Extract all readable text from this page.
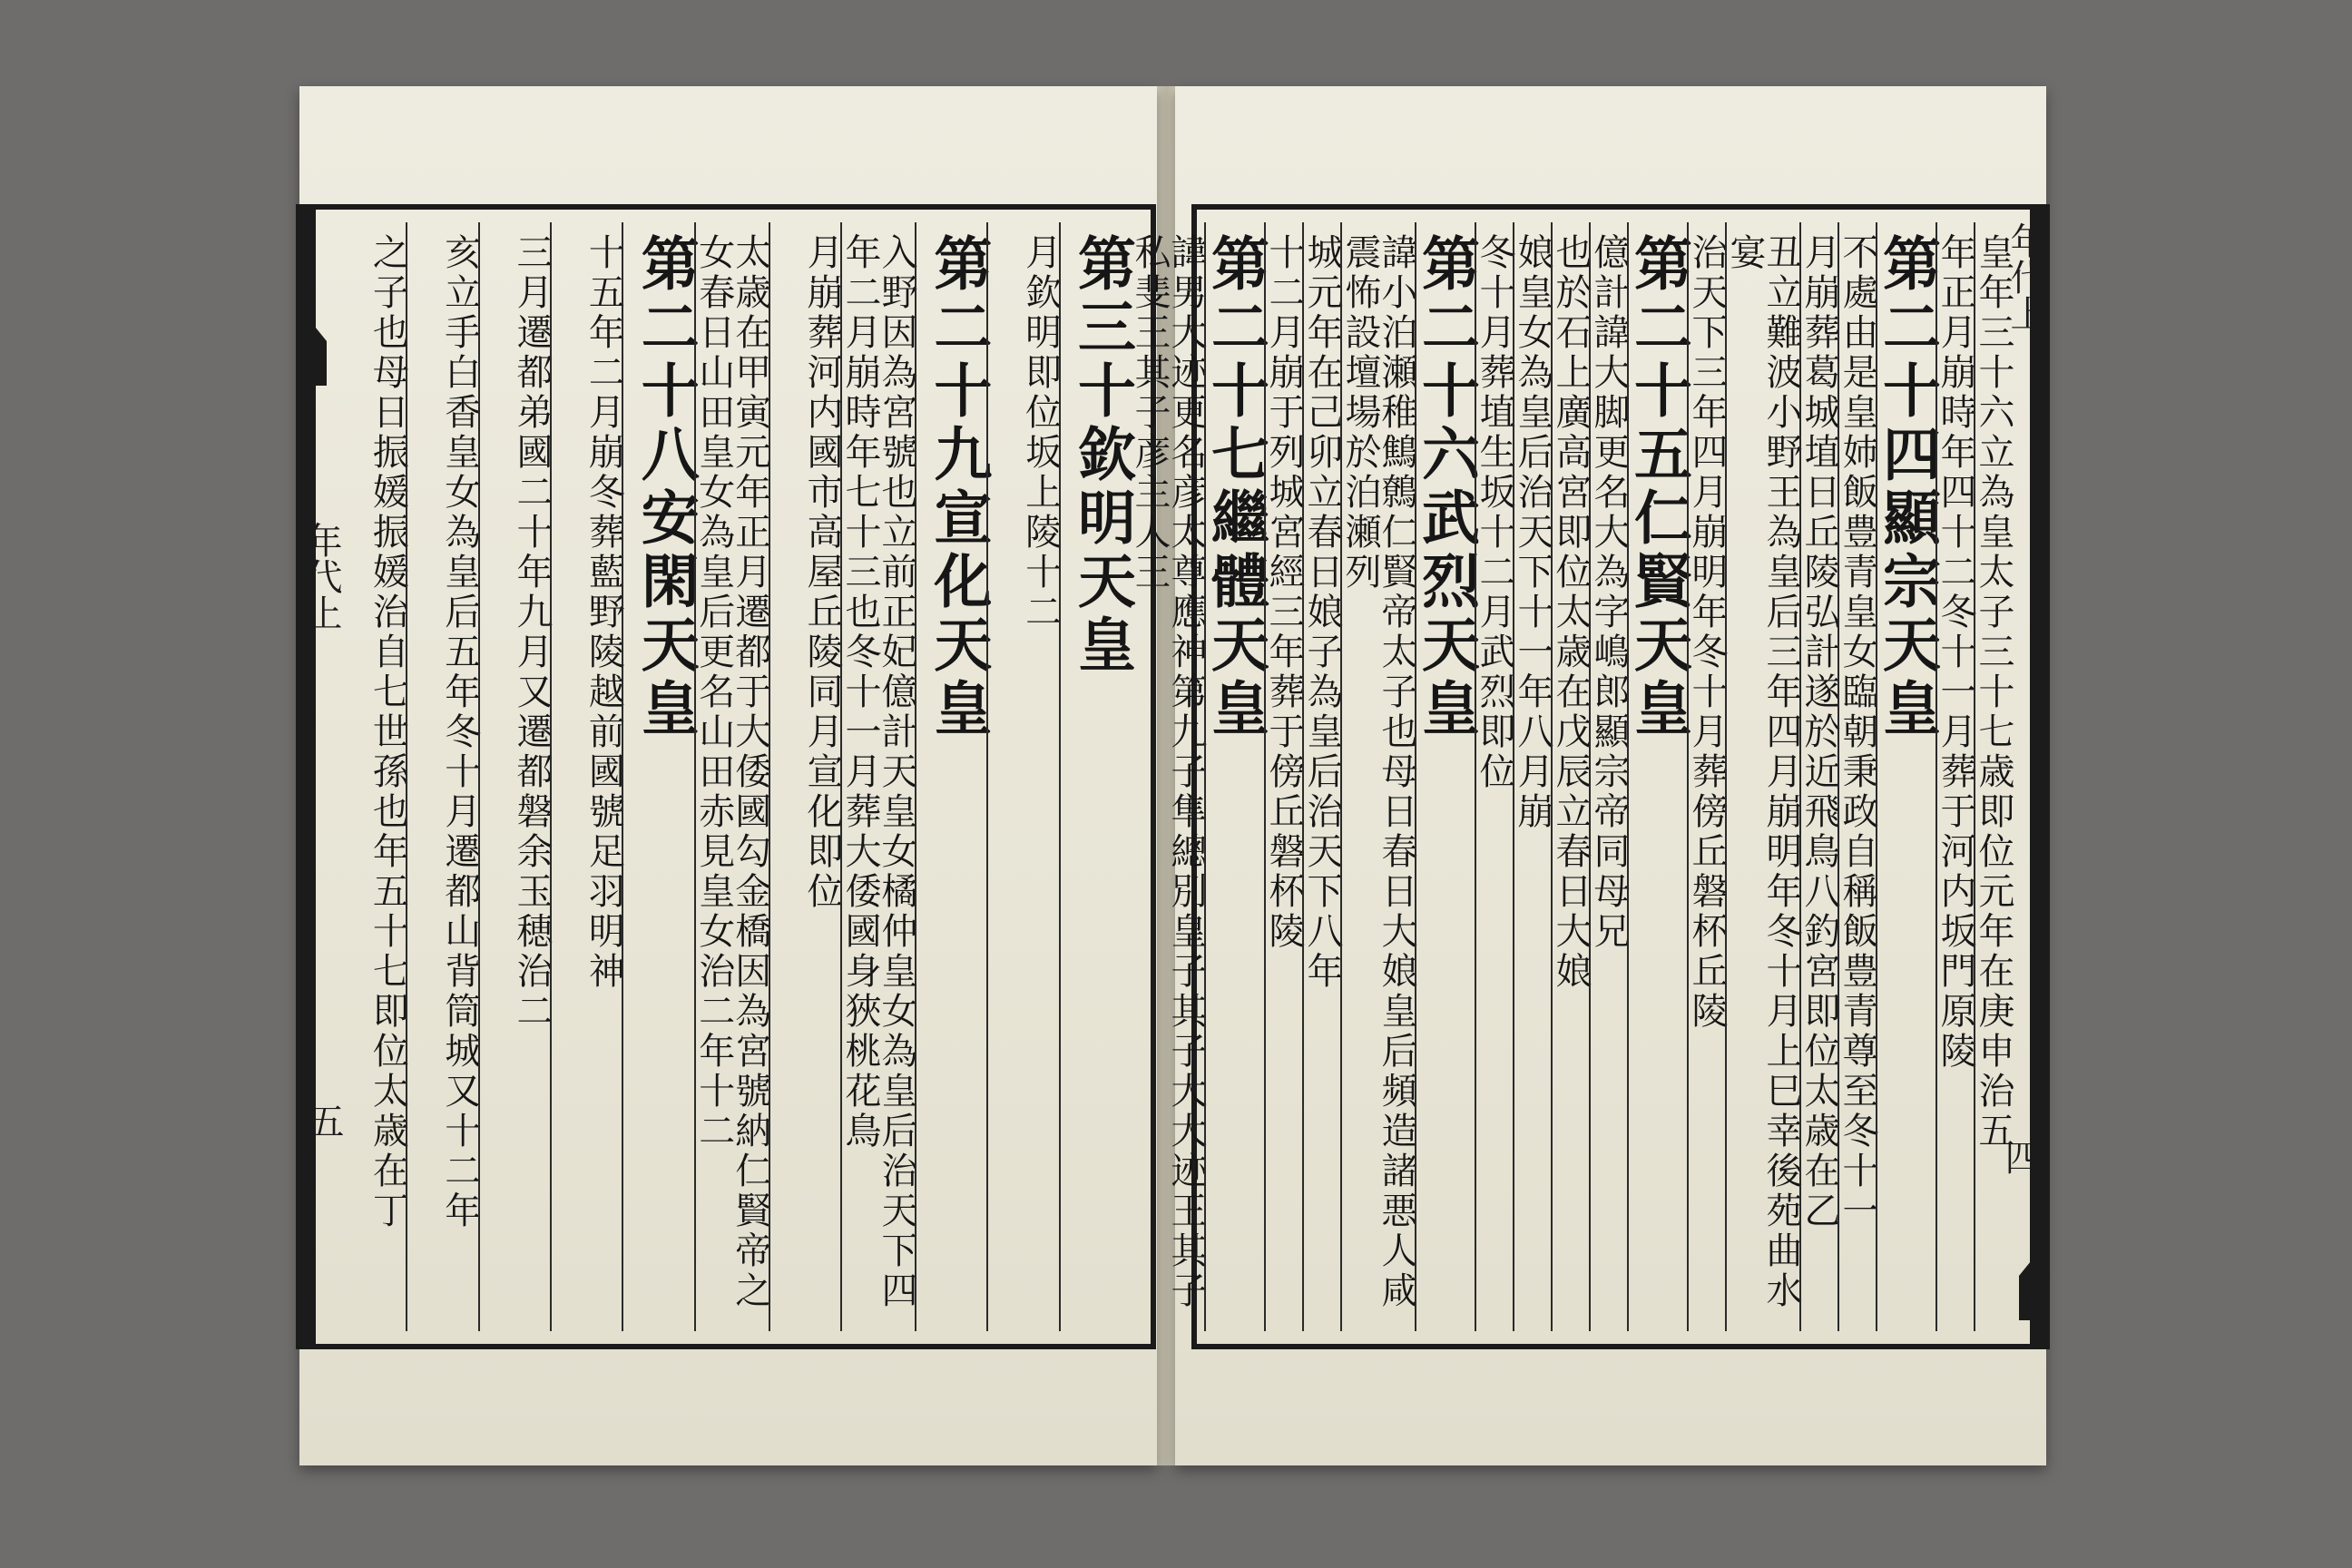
第三十欽明天皇
月欽明即位坂上陵十二
第二十九宣化天皇
入野因為宮號也立前正妃億計天皇女橘仲皇女為皇后治天下四年二月崩時年七十三也冬十一月葬大倭國身狹桃花鳥
月崩葬河内國市高屋丘陵同月宣化即位
太歳在甲寅元年正月遷都于大倭國勾金橋因為宮號納仁賢帝之女春日山田皇女為皇后更名山田赤見皇女治二年十二
第二十八安閑天皇
十五年二月崩冬葬藍野陵越前國號足羽明神
三月遷都弟國二十年九月又遷都磐余玉穂治二
亥立手白香皇女為皇后五年冬十月遷都山背筒城又十二年
之子也母日振媛振媛治自七世孫也年五十七即位太歳在丁
年代上
五	皇年三十六立為皇太子三十七歳即位元年在庚申治五
年正月崩時年四十二冬十一月葬于河内坂門原陵
第二十四顯宗天皇
不處由是皇姉飯豊青皇女臨朝秉政自稱飯豊青尊至冬十一
月崩葬葛城埴日丘陵弘計遂於近飛鳥八釣宮即位太歳在乙
丑立難波小野王為皇后三年四月崩明年冬十月上巳幸後苑曲水宴
治天下三年四月崩明年冬十月葬傍丘磐杯丘陵
第二十五仁賢天皇
億計諱大脚更名大為字嶋郎顯宗帝同母兄
也於石上廣高宮即位太歳在戊辰立春日大娘
娘皇女為皇后治天下十一年八月崩
冬十月葬埴生坂十二月武烈即位
第二十六武烈天皇
諱小泊瀬稚鷦鷯仁賢帝太子也母日春日大娘皇后頻造諸悪人咸震怖設壇場於泊瀬列
城元年在己卯立春日娘子為皇后治天下八年
十二月崩于列城宮經三年葬于傍丘磐杯陵
第二十七繼體天皇
諱男大迹更名彦太尊應神第九子隼總別皇子其子大大迹王其子私斐王其子彦主人王	年代上
四
